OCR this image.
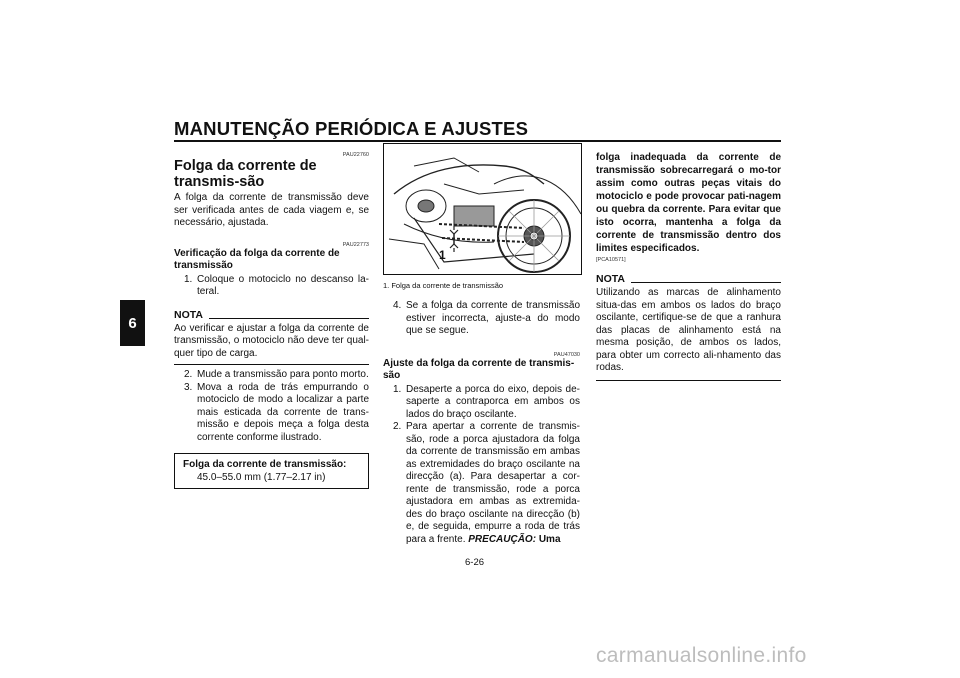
MANUTENÇÃO PERIÓDICA E AJUSTES
6
PAU22760
Folga da corrente de transmis-são

A folga da corrente de transmissão deve ser verificada antes de cada viagem e, se necessário, ajustada.

PAU22773
Verificação da folga da corrente de transmissão
1. Coloque o motociclo no descanso la-teral.
NOTA

Ao verificar e ajustar a folga da corrente de transmissão, o motociclo não deve ter qual-quer tipo de carga.

2. Mude a transmissão para ponto morto.
3. Mova a roda de trás empurrando o motociclo de modo a localizar a parte mais esticada da corrente de trans-missão e depois meça a folga desta corrente conforme ilustrado.
Folga da corrente de transmissão:
45.0–55.0 mm (1.77–2.17 in)
1
1. Folga da corrente de transmissão
4. Se a folga da corrente de transmissão estiver incorrecta, ajuste-a do modo que se segue.
PAU47030
Ajuste da folga da corrente de transmis-são
1. Desaperte a porca do eixo, depois de-saperte a contraporca em ambos os lados do braço oscilante.
2. Para apertar a corrente de transmis-são, rode a porca ajustadora da folga da corrente de transmissão em ambas as extremidades do braço oscilante na direcção (a). Para desapertar a cor-rente de transmissão, rode a porca ajustadora em ambas as extremida-des do braço oscilante na direcção (b) e, de seguida, empurre a roda de trás para a frente. PRECAUÇÃO: Uma

folga inadequada da corrente de transmissão sobrecarregará o mo-tor assim como outras peças vitais do motociclo e pode provocar pati-nagem ou quebra da corrente. Para evitar que isto ocorra, mantenha a folga da corrente de transmissão dentro dos limites especificados.

[PCA10571]
NOTA

Utilizando as marcas de alinhamento situa-das em ambos os lados do braço oscilante, certifique-se de que a ranhura das placas de alinhamento está na mesma posição, de ambos os lados, para obter um correcto ali-nhamento das rodas.

6-26
carmanualsonline.info
